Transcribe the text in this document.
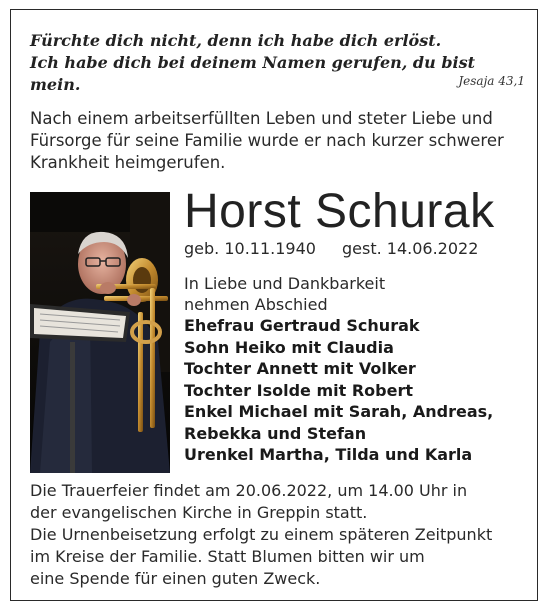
Fürchte dich nicht, denn ich habe dich erlöst.
Ich habe dich bei deinem Namen gerufen, du bist mein.	Jesaja 43,1
Nach einem arbeitserfüllten Leben und steter Liebe und
Fürsorge für seine Familie wurde er nach kurzer schwerer
Krankheit heimgerufen.
Horst Schurak
geb. 10.11.1940 gest. 14.06.2022
In Liebe und Dankbarkeit
nehmen Abschied
Ehefrau Gertraud Schurak
Sohn Heiko mit Claudia
Tochter Annett mit Volker
Tochter Isolde mit Robert
Enkel Michael mit Sarah, Andreas,
Rebekka und Stefan
Urenkel Martha, Tilda und Karla
Die Trauerfeier findet am 20.06.2022, um 14.00 Uhr in
der evangelischen Kirche in Greppin statt.
Die Urnenbeisetzung erfolgt zu einem späteren Zeitpunkt
im Kreise der Familie. Statt Blumen bitten wir um
eine Spende für einen guten Zweck.
